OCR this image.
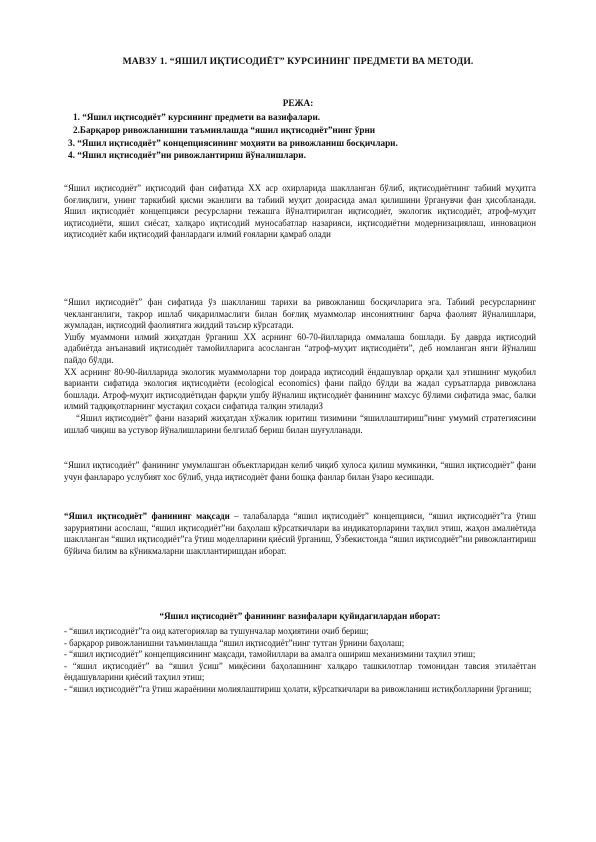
МАВЗУ 1. “ЯШИЛ ИҚТИСОДИЁТ” КУРСИНИНГ ПРЕДМЕТИ ВА МЕТОДИ.
РЕЖА:
1. “Яшил иқтисодиёт” курсининг предмети ва вазифалари.
2.Барқарор ривожланишни таъминлашда “яшил иқтисодиёт”нинг ўрни
3. “Яшил иқтисодиёт” концепциясининг моҳияти ва ривожланиш босқичлари.
4. “Яшил иқтисодиёт”ни ривожлантириш йўналишлари.

“Яшил иқтисодиёт” иқтисодий фан сифатида XX аср охирларида шаклланган бўлиб, иқтисодиётнинг табиий муҳитга боғлиқлиги, унинг таркибий қисми эканлиги ва табиий муҳит доирасида амал қилишини ўрганувчи фан ҳисобланади. Яшил иқтисодиёт концепцияси ресурсларни тежашга йўналтирилган иқтисодиёт, экологик иқтисодиёт, атроф-муҳит иқтисодиёти, яшил сиёсат, халқаро иқтисодий муносабатлар назарияси, иқтисодиётни модернизациялаш, инновацион иқтисодиёт каби иқтисодий фанлардаги илмий ғояларни қамраб олади

“Яшил иқтисодиёт” фан сифатида ўз шаклланиш тарихи ва ривожланиш босқичларига эга. Табиий ресурсларнинг чекланганлиги, такрор ишлаб чиқарилмаслиги билан боғлиқ муаммолар инсониятнинг барча фаолият йўналишлари, жумладан, иқтисодий фаолиятига жиддий таъсир кўрсатади.

Ушбу муаммони илмий жиҳатдан ўрганиш XX асрнинг 60-70-йилларида оммалаша бошлади. Бу даврда иқтисодий адабиётда анъанавий иқтисодиёт тамойилларига асосланган “атроф-муҳит иқтисодиёти”, деб номланган янги йўналиш пайдо бўлди.

XX асрнинг 80-90-йилларида экологик муаммоларни тор доирада иқтисодий ёндашувлар орқали ҳал этишнинг муқобил варианти сифатида экология иқтисодиёти (ecological economics) фани пайдо бўлди ва жадал суръатларда ривожлана бошлади. Атроф-муҳит иқтисодиётидан фарқли ушбу йўналиш иқтисодиёт фанининг махсус бўлими сифатида эмас, балки илмий тадқиқотларнинг мустақил соҳаси сифатида талқин этиладиЗ

“Яшил иқтисодиёт” фани назарий жиҳатдан хўжалик юритиш тизимини “яшиллаштириш”нинг умумий стратегиясини ишлаб чиқиш ва устувор йўналишларини белгилаб бериш билан шуғулланади.

“Яшил иқтисодиёт” фанининг умумлашган объектларидан келиб чиқиб хулоса қилиш мумкинки, “яшил иқтисодиёт” фани учун фанлараро услубият хос бўлиб, унда иқтисодиёт фани бошқа фанлар билан ўзаро кесишади.

“Яшил иқтисодиёт” фанининг мақсади – талабаларда “яшил иқтисодиёт” концепцияси, “яшил иқтисодиёт”га ўтиш заруриятини асослаш, “яшил иқтисодиёт”ни баҳолаш кўрсаткичлари ва индикаторларини таҳлил этиш, жаҳон амалиётида шаклланган “яшил иқтисодиёт”га ўтиш моделларини қиёсий ўрганиш, Ўзбекистонда “яшил иқтисодиёт”ни ривожлантириш бўйича билим ва кўникмаларни шакллантиришдан иборат.

“Яшил иқтисодиёт” фанининг вазифалари қуйидагилардан иборат:

- “яшил иқтисодиёт”га оид категориялар ва тушунчалар моҳиятини очиб бериш;

- барқарор ривожланишни таъминлашда “яшил иқтисодиёт”нинг тутган ўрнини баҳолаш;

- “яшил иқтисодиёт” концепциясининг мақсади, тамойиллари ва амалга ошириш механизмини таҳлил этиш;

- “яшил иқтисодиёт” ва “яшил ўсиш” миқёсини баҳолашнинг халқаро ташкилотлар томонидан тавсия этилаётган ёндашувларини қиёсий таҳлил этиш;

- “яшил иқтисодиёт”га ўтиш жараёнини молиялаштириш ҳолати, кўрсаткичлари ва ривожланиш истиқболларини ўрганиш;
